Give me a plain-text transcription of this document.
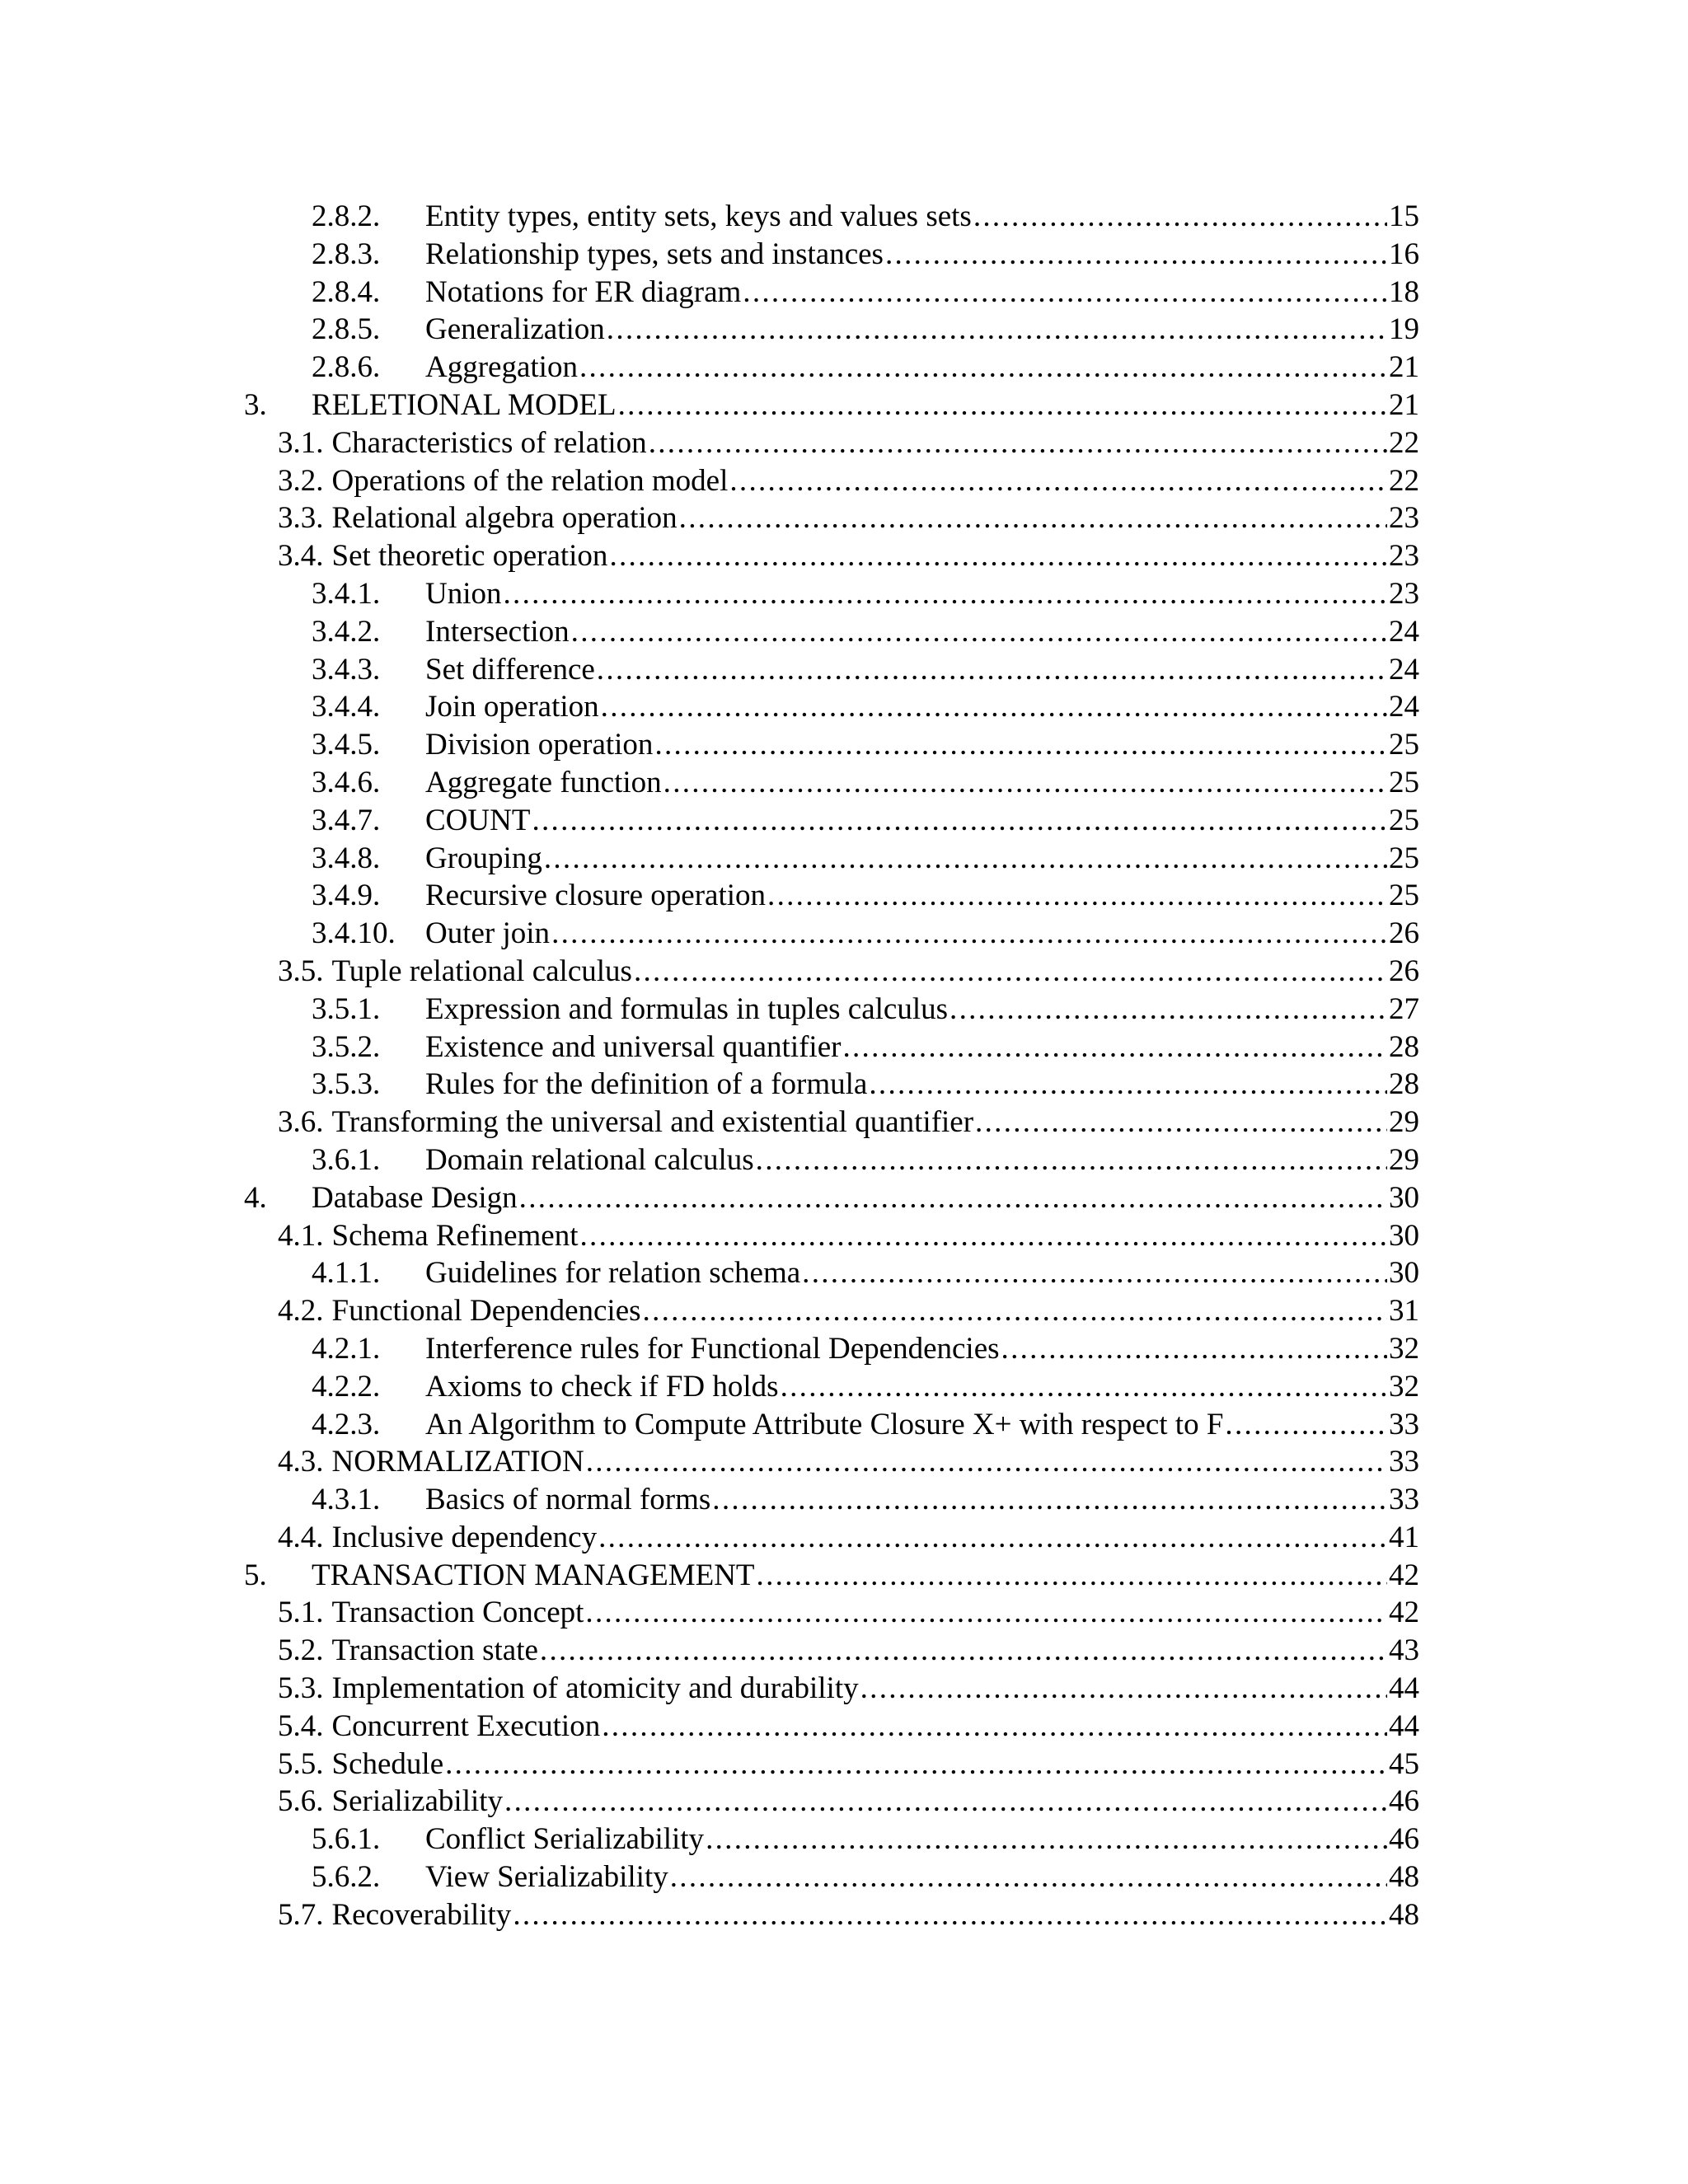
2.8.2.	Entity types, entity sets, keys and values sets .....	15
2.8.3.	Relationship types, sets and instances .....	16
2.8.4.	Notations for ER diagram .....	18
2.8.5.	Generalization .....	19
2.8.6.	Aggregation .....	21
3.	RELETIONAL MODEL .....	21
3.1. Characteristics of relation .....	22
3.2. Operations of the relation model .....	22
3.3. Relational algebra operation .....	23
3.4. Set theoretic operation .....	23
3.4.1.	Union .....	23
3.4.2.	Intersection .....	24
3.4.3.	Set difference .....	24
3.4.4.	Join operation .....	24
3.4.5.	Division operation .....	25
3.4.6.	Aggregate function .....	25
3.4.7.	COUNT .....	25
3.4.8.	Grouping .....	25
3.4.9.	Recursive closure operation .....	25
3.4.10. Outer join .....	26
3.5. Tuple relational calculus .....	26
3.5.1.	Expression and formulas in tuples calculus .....	27
3.5.2.	Existence and universal quantifier .....	28
3.5.3.	Rules for the definition of a formula .....	28
3.6. Transforming the universal and existential quantifier .....	29
3.6.1.	Domain relational calculus .....	29
4.	Database Design .....	30
4.1. Schema Refinement .....	30
4.1.1.	Guidelines for relation schema .....	30
4.2. Functional Dependencies .....	31
4.2.1.	Interference rules for Functional Dependencies .....	32
4.2.2.	Axioms to check if FD holds .....	32
4.2.3.	An Algorithm to Compute Attribute Closure X+ with respect to F .....	33
4.3. NORMALIZATION .....	33
4.3.1.	Basics of normal forms .....	33
4.4. Inclusive dependency .....	41
5.	TRANSACTION MANAGEMENT .....	42
5.1. Transaction Concept .....	42
5.2. Transaction state .....	43
5.3. Implementation of atomicity and durability .....	44
5.4. Concurrent Execution .....	44
5.5. Schedule .....	45
5.6. Serializability .....	46
5.6.1.	Conflict Serializability .....	46
5.6.2.	View Serializability .....	48
5.7. Recoverability .....	48
